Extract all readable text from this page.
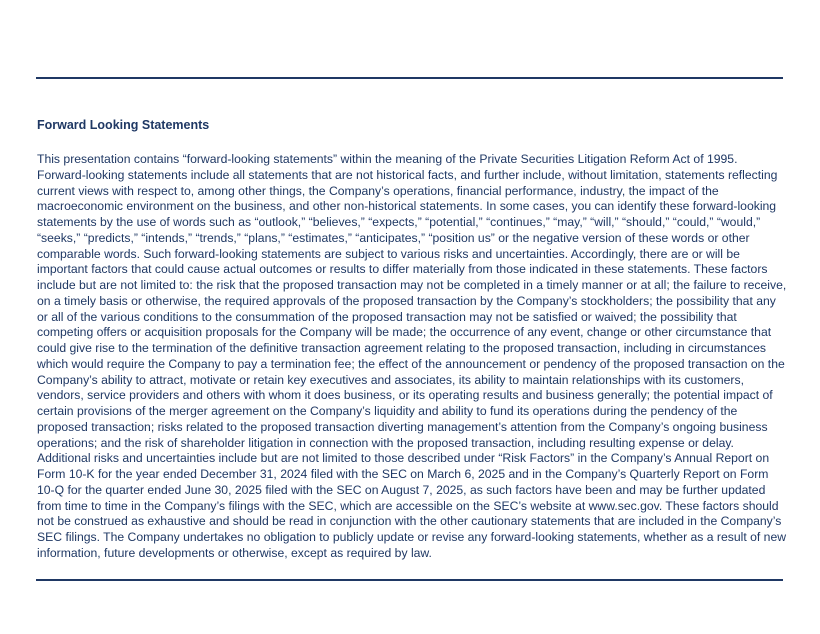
Forward Looking Statements

This presentation contains “forward-looking statements” within the meaning of the Private Securities Litigation Reform Act of 1995. Forward-looking statements include all statements that are not historical facts, and further include, without limitation, statements reflecting current views with respect to, among other things, the Company’s operations, financial performance, industry, the impact of the macroeconomic environment on the business, and other non-historical statements. In some cases, you can identify these forward-looking statements by the use of words such as “outlook,” “believes,” “expects,” “potential,” “continues,” “may,” “will,” “should,” “could,” “would,” “seeks,” “predicts,” “intends,” “trends,” “plans,” “estimates,” “anticipates,” “position us” or the negative version of these words or other comparable words. Such forward-looking statements are subject to various risks and uncertainties. Accordingly, there are or will be important factors that could cause actual outcomes or results to differ materially from those indicated in these statements. These factors include but are not limited to: the risk that the proposed transaction may not be completed in a timely manner or at all; the failure to receive, on a timely basis or otherwise, the required approvals of the proposed transaction by the Company’s stockholders; the possibility that any or all of the various conditions to the consummation of the proposed transaction may not be satisfied or waived; the possibility that competing offers or acquisition proposals for the Company will be made; the occurrence of any event, change or other circumstance that could give rise to the termination of the definitive transaction agreement relating to the proposed transaction, including in circumstances which would require the Company to pay a termination fee; the effect of the announcement or pendency of the proposed transaction on the Company’s ability to attract, motivate or retain key executives and associates, its ability to maintain relationships with its customers, vendors, service providers and others with whom it does business, or its operating results and business generally; the potential impact of certain provisions of the merger agreement on the Company’s liquidity and ability to fund its operations during the pendency of the proposed transaction; risks related to the proposed transaction diverting management’s attention from the Company’s ongoing business operations; and the risk of shareholder litigation in connection with the proposed transaction, including resulting expense or delay. Additional risks and uncertainties include but are not limited to those described under “Risk Factors” in the Company’s Annual Report on Form 10-K for the year ended December 31, 2024 filed with the SEC on March 6, 2025 and in the Company’s Quarterly Report on Form 10-Q for the quarter ended June 30, 2025 filed with the SEC on August 7, 2025, as such factors have been and may be further updated from time to time in the Company’s filings with the SEC, which are accessible on the SEC’s website at www.sec.gov. These factors should not be construed as exhaustive and should be read in conjunction with the other cautionary statements that are included in the Company’s SEC filings. The Company undertakes no obligation to publicly update or revise any forward-looking statements, whether as a result of new information, future developments or otherwise, except as required by law.
